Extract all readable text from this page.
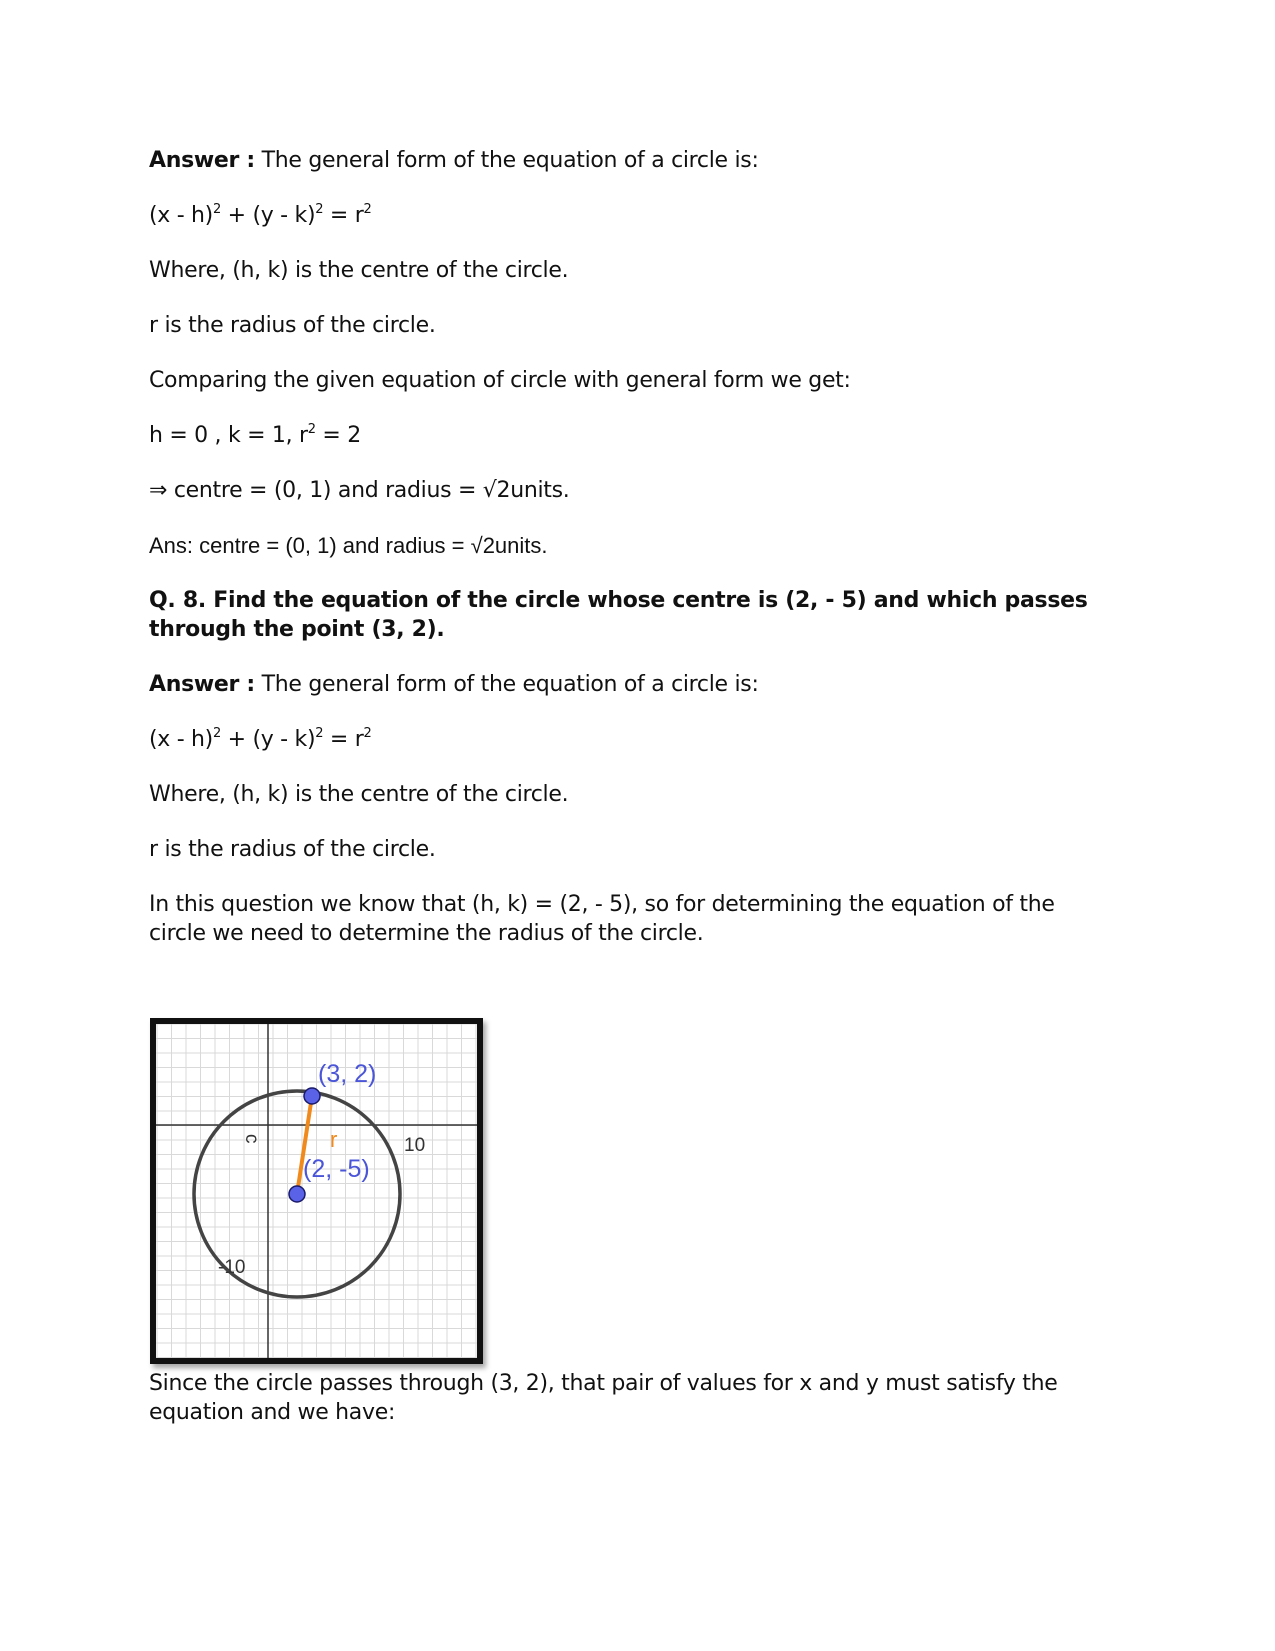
Answer : The general form of the equation of a circle is:
$(x - h)^2 + (y - k)^2 = r^2$
Where, (h, k) is the centre of the circle.
r is the radius of the circle.
Comparing the given equation of circle with general form we get:
h = 0 , k = 1, $r^2 = 2$
⇒ centre = (0, 1) and radius = √2units.
Ans: centre = (0, 1) and radius = √2units.
Q. 8. Find the equation of the circle whose centre is (2, - 5) and which passes
through the point (3, 2).
Answer : The general form of the equation of a circle is:
$(x - h)^2 + (y - k)^2 = r^2$
Where, (h, k) is the centre of the circle.
r is the radius of the circle.
In this question we know that (h, k) = (2, - 5), so for determining the equation of the
circle we need to determine the radius of the circle.
Since the circle passes through (3, 2), that pair of values for x and y must satisfy the
equation and we have:
(3, 2)
(2, -5)
r	10
-10
c
